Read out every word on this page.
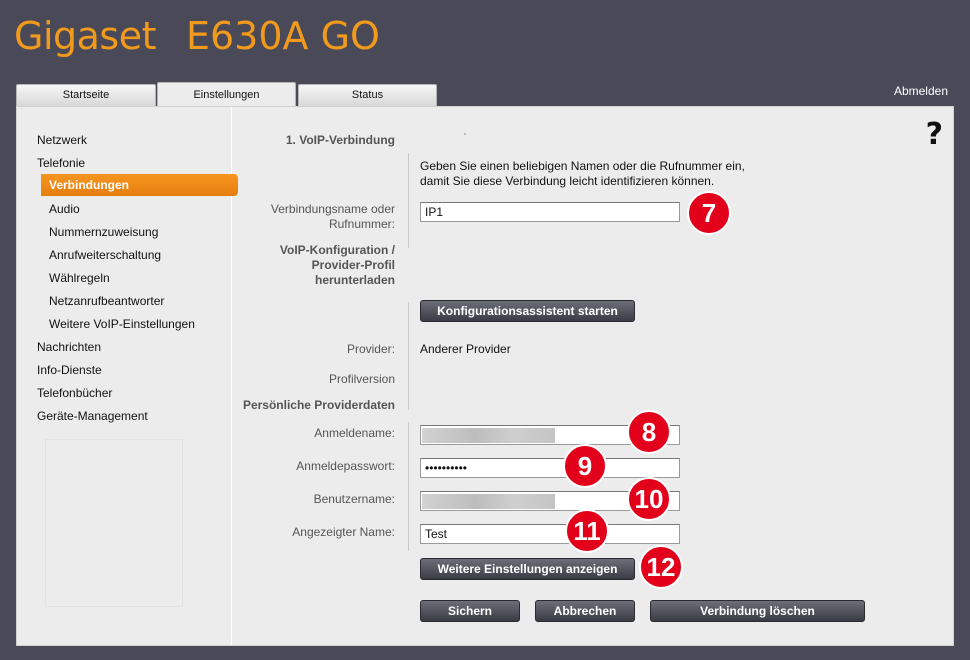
Gigaset E630A GO
Startseite	Einstellungen	Status	Abmelden
Netzwerk
Telefonie
Verbindungen
Audio
Nummernzuweisung
Anrufweiterschaltung
Wählregeln
Netzanrufbeantworter
Weitere VoIP-Einstellungen
Nachrichten
Info-Dienste
Telefonbücher
Geräte-Management
?
1. VoIP-Verbindung
Geben Sie einen beliebigen Namen oder die Rufnummer ein,
damit Sie diese Verbindung leicht identifizieren können.
Verbindungsname oder
Rufnummer:
IP1	7
VoIP-Konfiguration /
Provider-Profil
herunterladen
Konfigurationsassistent starten
Provider: Anderer Provider
Profilversion
Persönliche Providerdaten
Anmeldename:	8
Anmeldepasswort:
••••••••••	9
Benutzername:	10
Angezeigter Name:
Test	11
Weitere Einstellungen anzeigen	12
Sichern	Abbrechen	Verbindung löschen
